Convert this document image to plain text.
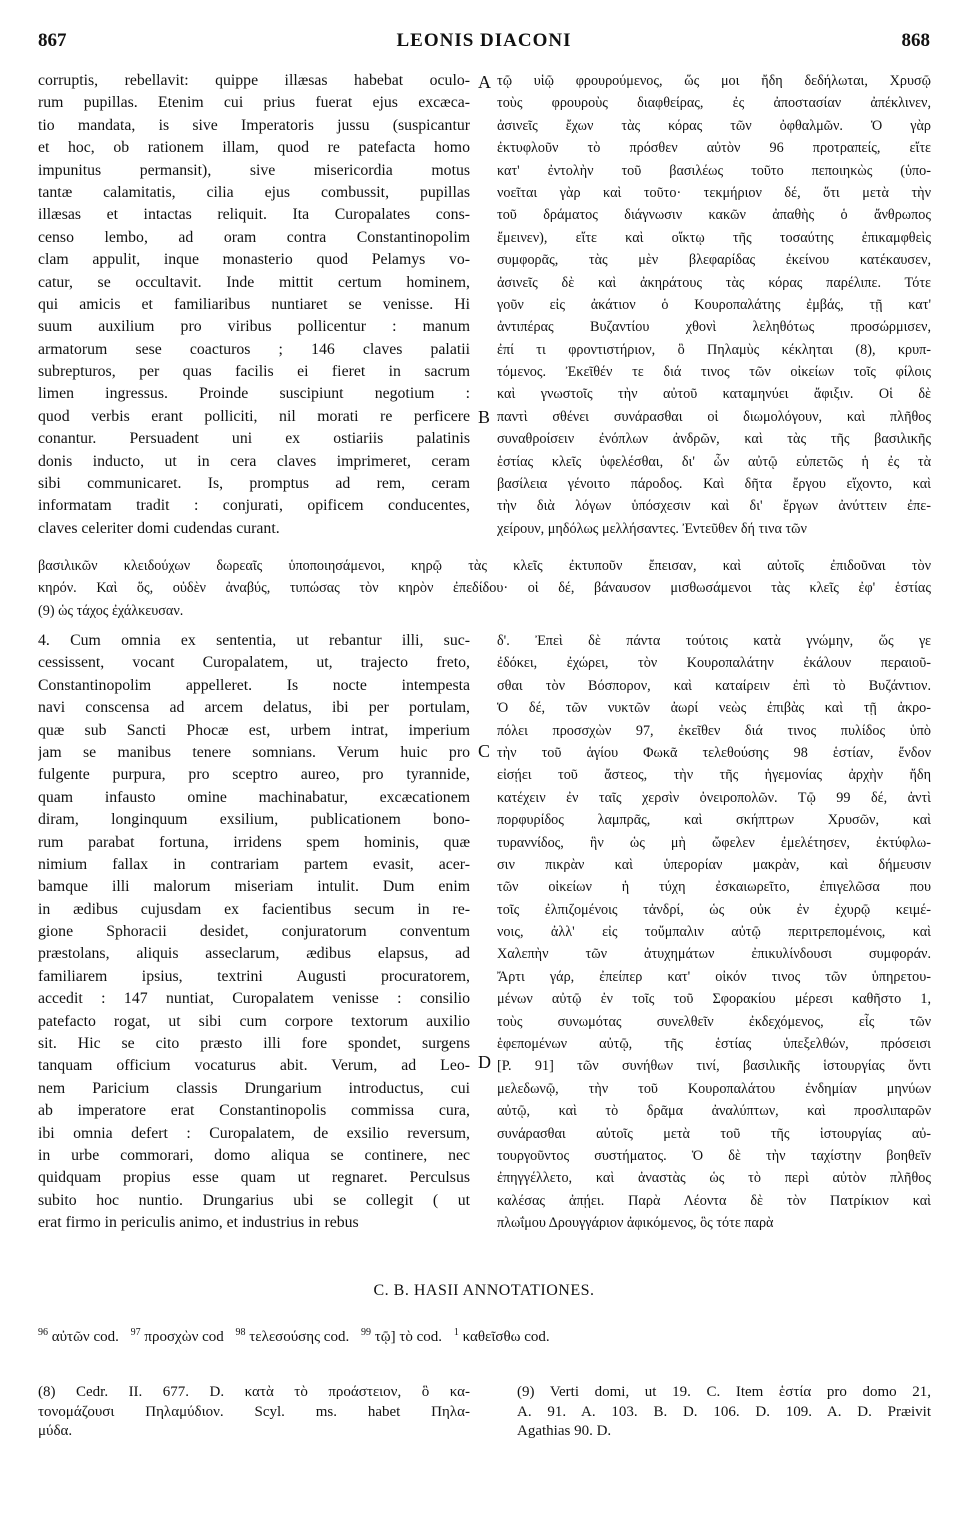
867	LEONIS DIACONI	868
corruptis, rebellavit: quippe illæsas habebat oculo-
rum pupillas. Etenim cui prius fuerat ejus excæca-
tio mandata, is sive Imperatoris jussu (suspicantur
et hoc, ob rationem illam, quod re patefacta homo
impunitus permansit), sive misericordia motus
tantæ calamitatis, cilia ejus combussit, pupillas
illæsas et intactas reliquit. Ita Curopalates cons-
censo lembo, ad oram contra Constantinopolim
clam appulit, inque monasterio quod Pelamys vo-
catur, se occultavit. Inde mittit certum hominem,
qui amicis et familiaribus nuntiaret se venisse. Hi
suum auxilium pro viribus pollicentur : manum
armatorum sese coacturos ; 146 claves palatii
subrepturos, per quas facilis ei fieret in sacrum
limen ingressus. Proinde suscipiunt negotium :
quod verbis erant polliciti, nil morati re perficere
conantur. Persuadent uni ex ostiariis palatinis
donis inducto, ut in cera claves imprimeret, ceram
sibi communicaret. Is, promptus ad rem, ceram
informatam tradit : conjurati, opificem conducentes,
claves celeriter domi cudendas curant.
τῷ υἱῷ φρουρούμενος, ὥς μοι ἤδη δεδήλωται, Χρυσῷ
τοὺς φρουροὺς διαφθείρας, ἐς ἀποστασίαν ἀπέκλινεν,
ἀσινεῖς ἔχων τὰς κόρας τῶν ὀφθαλμῶν. Ὁ γὰρ
ἐκτυφλοῦν τὸ πρόσθεν αὐτὸν 96 προτραπείς, εἴτε
κατ' ἐντολὴν τοῦ βασιλέως τοῦτο πεποιηκὼς (ὑπο-
νοεῖται γὰρ καὶ τοῦτο· τεκμήριον δέ, ὅτι μετὰ τὴν
τοῦ δράματος διάγνωσιν κακῶν ἀπαθὴς ὁ ἄνθρωπος
ἔμεινεν), εἴτε καὶ οἴκτῳ τῆς τοσαύτης ἐπικαμφθεὶς
συμφορᾶς, τὰς μὲν βλεφαρίδας ἐκείνου κατέκαυσεν,
ἀσινεῖς δὲ καὶ ἀκηράτους τὰς κόρας παρέλιπε. Τότε
γοῦν εἰς ἀκάτιον ὁ Κουροπαλάτης ἐμβάς, τῇ κατ'
ἀντιπέρας Βυζαντίου χθονὶ λεληθότως προσώρμισεν,
ἐπί τι φροντιστήριον, ὃ Πηλαμὺς κέκληται (8), κρυπ-
τόμενος. Ἐκεῖθέν τε διά τινος τῶν οἰκείων τοῖς φίλοις
καὶ γνωστοῖς τὴν αὐτοῦ καταμηνύει ἄφιξιν. Οἱ δὲ
παντὶ σθένει συνάρασθαι οἱ διωμολόγουν, καὶ πλῆθος
συναθροίσειν ἐνόπλων ἀνδρῶν, καὶ τὰς τῆς βασιλικῆς
ἑστίας κλεῖς ὑφελέσθαι, δι' ὧν αὐτῷ εὐπετῶς ἡ ἐς τὰ
βασίλεια γένοιτο πάροδος. Καὶ δῆτα ἔργου εἴχοντο, καὶ
τὴν διὰ λόγων ὑπόσχεσιν καὶ δι' ἔργων ἀνύττειν ἐπε-
χείρουν, μηδόλως μελλήσαντες. Ἐντεῦθεν δή τινα τῶν
A
B
βασιλικῶν κλειδούχων δωρεαῖς ὑποποιησάμενοι, κηρῷ τὰς κλεῖς ἐκτυποῦν ἔπεισαν, καὶ αὐτοῖς ἐπιδοῦναι τὸν
κηρόν. Καὶ ὅς, οὐδὲν ἀναβύς, τυπώσας τὸν κηρὸν ἐπεδίδου· οἱ δέ, βάναυσον μισθωσάμενοι τὰς κλεῖς ἐφ' ἑστίας
(9) ὡς τάχος ἐχάλκευσαν.
4. Cum omnia ex sententia, ut rebantur illi, suc-
cessissent, vocant Curopalatem, ut, trajecto freto,
Constantinopolim appelleret. Is nocte intempesta
navi conscensa ad arcem delatus, ibi per portulam,
quæ sub Sancti Phocæ est, urbem intrat, imperium
jam se manibus tenere somnians. Verum huic pro
fulgente purpura, pro sceptro aureo, pro tyrannide,
quam infausto omine machinabatur, excæcationem
diram, longinquum exsilium, publicationem bono-
rum parabat fortuna, irridens spem hominis, quæ
nimium fallax in contrariam partem evasit, acer-
bamque illi malorum miseriam intulit. Dum enim
in ædibus cujusdam ex facientibus secum in re-
gione Sphoracii desidet, conjuratorum conventum
præstolans, aliquis asseclarum, ædibus elapsus, ad
familiarem ipsius, textrini Augusti procuratorem,
accedit : 147 nuntiat, Curopalatem venisse : consilio
patefacto rogat, ut sibi cum corpore textorum auxilio
sit. Hic se cito præsto illi fore spondet, surgens
tanquam officium vocaturus abit. Verum, ad Leo-
nem Paricium classis Drungarium introductus, cui
ab imperatore erat Constantinopolis commissa cura,
ibi omnia defert : Curopalatem, de exsilio reversum,
in urbe commorari, domo aliqua se continere, nec
quidquam propius esse quam ut regnaret. Perculsus
subito hoc nuntio. Drungarius ubi se collegit ( ut
erat firmo in periculis animo, et industrius in rebus
δ'. Ἐπεὶ δὲ πάντα τούτοις κατὰ γνώμην, ὥς γε
ἐδόκει, ἐχώρει, τὸν Κουροπαλάτην ἐκάλουν περαιοῦ-
σθαι τὸν Βόσπορον, καὶ καταίρειν ἐπὶ τὸ Βυζάντιον.
Ὁ δέ, τῶν νυκτῶν ἀωρί νεὼς ἐπιβὰς καὶ τῇ ἀκρο-
πόλει προσσχὼν 97, ἐκεῖθεν διά τινος πυλίδος ὑπὸ
τὴν τοῦ ἁγίου Φωκᾶ τελεθούσης 98 ἑστίαν, ἔνδον
εἰσῄει τοῦ ἄστεος, τὴν τῆς ἡγεμονίας ἀρχὴν ἤδη
κατέχειν ἐν ταῖς χερσὶν ὀνειροπολῶν. Τῷ 99 δέ, ἀντὶ
πορφυρίδος λαμπρᾶς, καὶ σκήπτρων Χρυσῶν, καὶ
τυραννίδος, ἣν ὡς μὴ ὤφελεν ἐμελέτησεν, ἐκτύφλω-
σιν πικρὰν καὶ ὑπερορίαν μακρὰν, καὶ δήμευσιν
τῶν οἰκείων ἡ τύχη ἐσκαιωρεῖτο, ἐπιγελῶσα που
τοῖς ἐλπιζομένοις τἀνδρί, ὡς οὐκ ἐν ἐχυρῷ κειμέ-
νοις, ἀλλ' εἰς τοὔμπαλιν αὐτῷ περιτρεπομένοις, καὶ
Χαλεπὴν τῶν ἀτυχημάτων ἐπικυλίνδουσι συμφοράν.
Ἄρτι γάρ, ἐπείπερ κατ' οἰκόν τινος τῶν ὑπηρετου-
μένων αὐτῷ ἐν τοῖς τοῦ Σφορακίου μέρεσι καθῆστο 1,
τοὺς συνωμότας συνελθεῖν ἐκδεχόμενος, εἷς τῶν
ἑφεπομένων αὐτῷ, τῆς ἑστίας ὑπεξελθών, πρόσεισι
[P. 91] τῶν συνήθων τινί, βασιλικῆς ἱστουργίας ὄντι
μελεδωνῷ, τὴν τοῦ Κουροπαλάτου ἐνδημίαν μηνύων
αὐτῷ, καὶ τὸ δρᾶμα ἀναλύπτων, καὶ προσλιπαρῶν
συνάρασθαι αὐτοῖς μετὰ τοῦ τῆς ἱστουργίας αὐ-
τουργοῦντος συστήματος. Ὁ δὲ τὴν ταχίστην βοηθεῖν
ἐπηγγέλλετο, καὶ ἀναστὰς ὡς τὸ περὶ αὐτὸν πλῆθος
καλέσας ἀπῄει. Παρὰ Λέοντα δὲ τὸν Πατρίκιον καὶ
πλωΐμου Δρουγγάριον ἀφικόμενος, ὃς τότε παρὰ
C
D
C. B. HASII ANNOTATIONES.
$^{96}$ αὐτῶν cod. $^{97}$ προσχὼν cod $^{98}$ τελεσούσης cod. $^{99}$ τῷ] τὸ cod. $^1$ καθεῖσθω cod.
(8) Cedr. II. 677. D. κατὰ τὸ προάστειον, ὃ κα-
τονομάζουσι Πηλαμύδιον. Scyl. ms. habet Πηλα-
μύδα.
(9) Verti domi, ut 19. C. Item ἑστία pro domo 21,
A. 91. A. 103. B. D. 106. D. 109. A. D. Præivit
Agathias 90. D.
